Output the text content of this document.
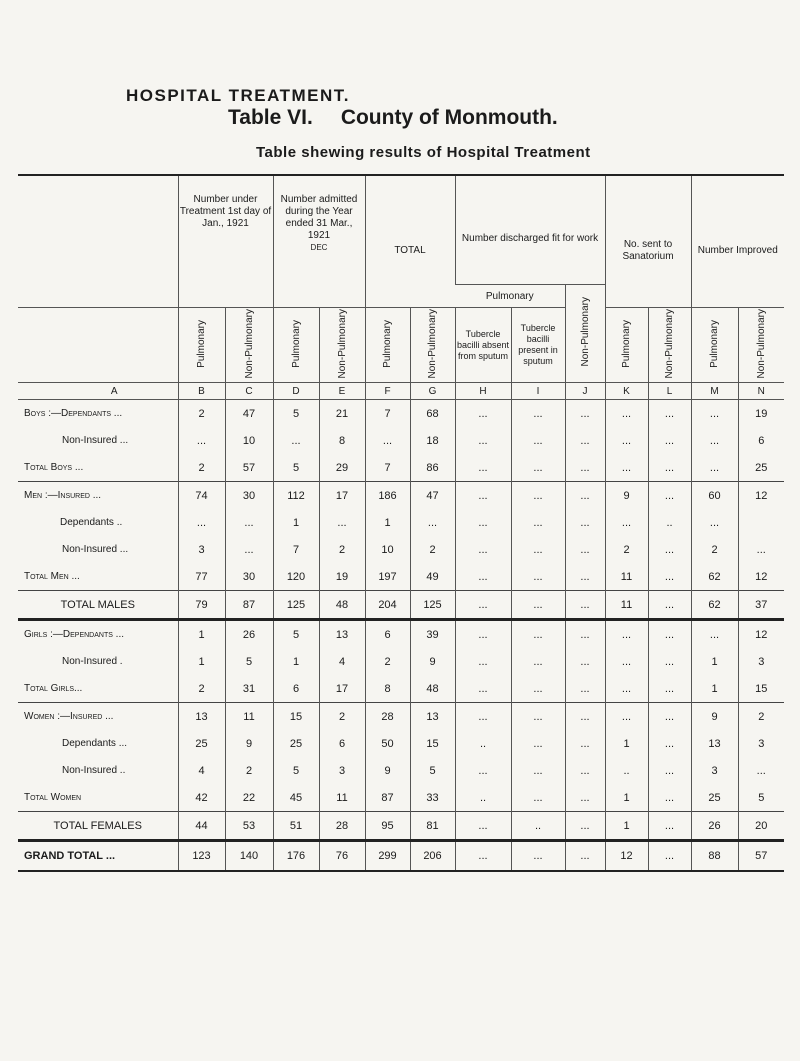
HOSPITAL TREATMENT.
Table VI. County of Monmouth.
Table shewing results of Hospital Treatment

	Number under Treatment 1st day of Jan., 1921		Number admitted during the Year ended 31 Mar., 1921
DEC		TOTAL		Number discharged fit for work			No. sent to Sanatorium		Number Improved	
							Pulmonary		Non-Pulmonary				
	Pulmonary	Non-Pulmonary	Pulmonary	Non-Pulmonary	Pulmonary	Non-Pulmonary	Tubercle bacilli absent from sputum	Tubercle bacilli present in sputum		Pulmonary	Non-Pulmonary	Pulmonary	Non-Pulmonary
A	B	C	D	E	F	G	H	I	J	K	L	M	N
Boys :—Dependants ...	2	47	5	21	7	68	...	...	...	...	...	...	19
Non-Insured ...	...	10	...	8	...	18	...	...	...	...	...	...	6
Total Boys ...	2	57	5	29	7	86	...	...	...	...	...	...	25
Men :—Insured ...	74	30	112	17	186	47	...	...	...	9	...	60	12
Dependants ..	...	...	1	...	1	...	...	...	...	...	..	...	
Non-Insured ...	3	...	7	2	10	2	...	...	...	2	...	2	...
Total Men ...	77	30	120	19	197	49	...	...	...	11	...	62	12
TOTAL MALES	79	87	125	48	204	125	...	...	...	11	...	62	37
Girls :—Dependants ...	1	26	5	13	6	39	...	...	...	...	...	...	12
Non-Insured .	1	5	1	4	2	9	...	...	...	...	...	1	3
Total Girls...	2	31	6	17	8	48	...	...	...	...	...	1	15
Women :—Insured ...	13	11	15	2	28	13	...	...	...	...	...	9	2
Dependants ...	25	9	25	6	50	15	..	...	...	1	...	13	3
Non-Insured ..	4	2	5	3	9	5	...	...	...	..	...	3	...
Total Women	42	22	45	11	87	33	..	...	...	1	...	25	5
TOTAL FEMALES	44	53	51	28	95	81	...	..	...	1	...	26	20
GRAND TOTAL ...	123	140	176	76	299	206	...	...	...	12	...	88	57
